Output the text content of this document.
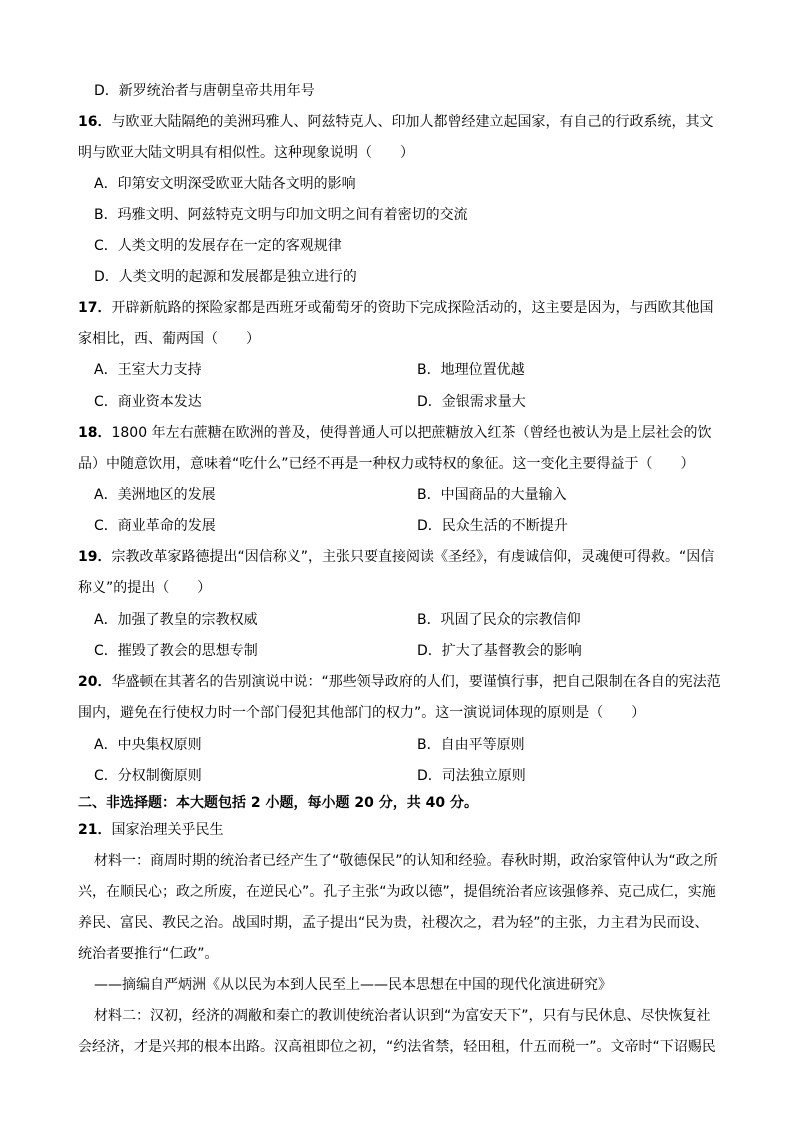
D．新罗统治者与唐朝皇帝共用年号
16．与欧亚大陆隔绝的美洲玛雅人、阿兹特克人、印加人都曾经建立起国家，有自己的行政系统，其文
明与欧亚大陆文明具有相似性。这种现象说明（　　）
A．印第安文明深受欧亚大陆各文明的影响
B．玛雅文明、阿兹特克文明与印加文明之间有着密切的交流
C．人类文明的发展存在一定的客观规律
D．人类文明的起源和发展都是独立进行的
17．开辟新航路的探险家都是西班牙或葡萄牙的资助下完成探险活动的，这主要是因为，与西欧其他国
家相比，西、葡两国（　　）
A．王室大力支持	B．地理位置优越
C．商业资本发达	D．金银需求量大
18．1800 年左右蔗糖在欧洲的普及，使得普通人可以把蔗糖放入红茶（曾经也被认为是上层社会的饮
品）中随意饮用，意味着“吃什么”已经不再是一种权力或特权的象征。这一变化主要得益于（　　）
A．美洲地区的发展	B．中国商品的大量输入
C．商业革命的发展	D．民众生活的不断提升
19．宗教改革家路德提出“因信称义”，主张只要直接阅读《圣经》，有虔诚信仰，灵魂便可得救。“因信
称义”的提出（　　）
A．加强了教皇的宗教权威	B．巩固了民众的宗教信仰
C．摧毁了教会的思想专制	D．扩大了基督教会的影响
20．华盛顿在其著名的告别演说中说：“那些领导政府的人们，要谨慎行事，把自己限制在各自的宪法范
围内，避免在行使权力时一个部门侵犯其他部门的权力”。这一演说词体现的原则是（　　）
A．中央集权原则	B．自由平等原则
C．分权制衡原则	D．司法独立原则
二、非选择题：本大题包括 2 小题，每小题 20 分，共 40 分。
21．国家治理关乎民生
材料一：商周时期的统治者已经产生了“敬德保民”的认知和经验。春秋时期，政治家管仲认为“政之所
兴，在顺民心；政之所废，在逆民心”。孔子主张“为政以德”，提倡统治者应该强修养、克己成仁，实施
养民、富民、教民之治。战国时期，孟子提出“民为贵，社稷次之，君为轻”的主张，力主君为民而设、
统治者要推行“仁政”。
——摘编自严炳洲《从以民为本到人民至上——民本思想在中国的现代化演进研究》
材料二：汉初，经济的凋敝和秦亡的教训使统治者认识到“为富安天下”，只有与民休息、尽快恢复社
会经济，才是兴邦的根本出路。汉高祖即位之初，“约法省禁，轻田租，什五而税一”。文帝时“下诏赐民
